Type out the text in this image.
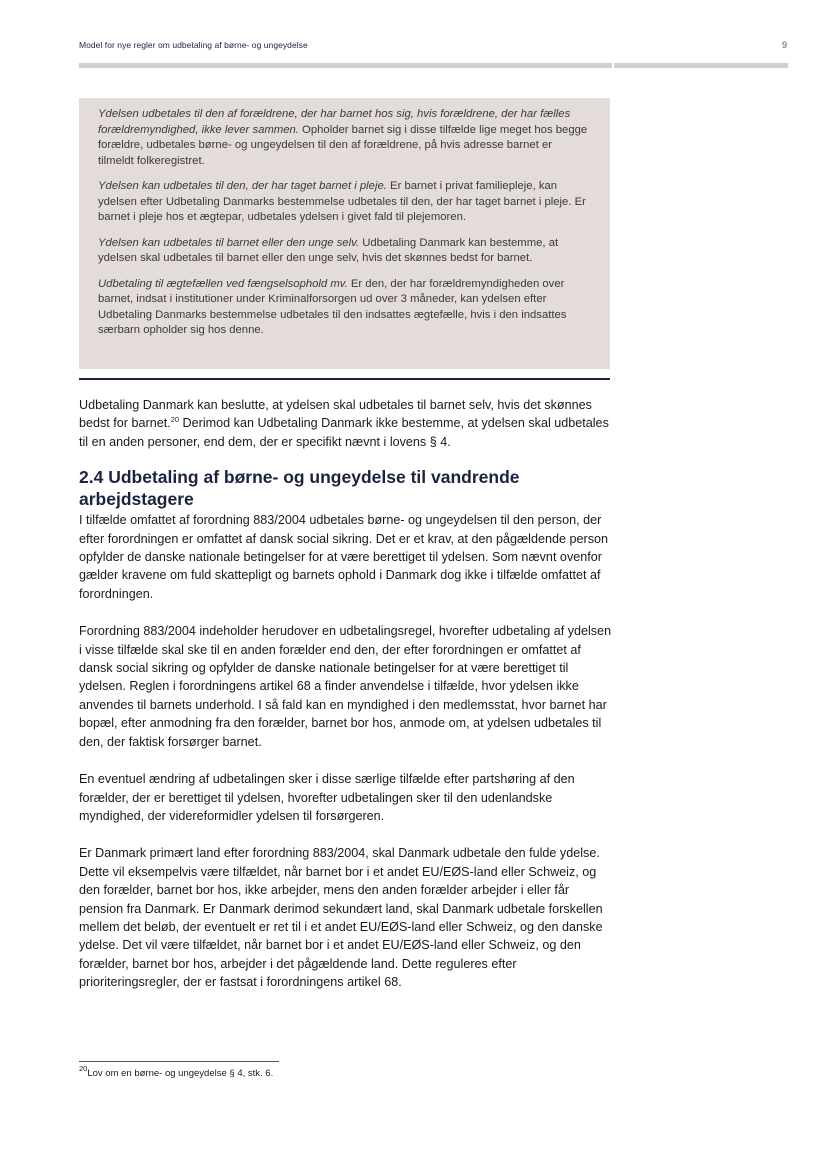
Model for nye regler om udbetaling af børne- og ungeydelse	9

Ydelsen udbetales til den af forældrene, der har barnet hos sig, hvis forældrene, der har fælles forældremyndighed, ikke lever sammen. Opholder barnet sig i disse tilfælde lige meget hos begge forældre, udbetales børne- og ungeydelsen til den af forældrene, på hvis adresse barnet er tilmeldt folkeregistret.

Ydelsen kan udbetales til den, der har taget barnet i pleje. Er barnet i privat familiepleje, kan ydelsen efter Udbetaling Danmarks bestemmelse udbetales til den, der har taget barnet i pleje. Er barnet i pleje hos et ægtepar, udbetales ydelsen i givet fald til plejemoren.

Ydelsen kan udbetales til barnet eller den unge selv. Udbetaling Danmark kan bestemme, at ydelsen skal udbetales til barnet eller den unge selv, hvis det skønnes bedst for barnet.

Udbetaling til ægtefællen ved fængselsophold mv. Er den, der har forældremyndigheden over barnet, indsat i institutioner under Kriminalforsorgen ud over 3 måneder, kan ydelsen efter Udbetaling Danmarks bestemmelse udbetales til den indsattes ægtefælle, hvis i den indsattes særbarn opholder sig hos denne.

Udbetaling Danmark kan beslutte, at ydelsen skal udbetales til barnet selv, hvis det skønnes bedst for barnet.$^{20}$ Derimod kan Udbetaling Danmark ikke bestemme, at ydelsen skal udbetales til en anden personer, end dem, der er specifikt nævnt i lovens § 4.

2.4 Udbetaling af børne- og ungeydelse til vandrende arbejdstagere

I tilfælde omfattet af forordning 883/2004 udbetales børne- og ungeydelsen til den person, der efter forordningen er omfattet af dansk social sikring. Det er et krav, at den pågældende person opfylder de danske nationale betingelser for at være berettiget til ydelsen. Som nævnt ovenfor gælder kravene om fuld skattepligt og barnets ophold i Danmark dog ikke i tilfælde omfattet af forordningen.

Forordning 883/2004 indeholder herudover en udbetalingsregel, hvorefter udbetaling af ydelsen i visse tilfælde skal ske til en anden forælder end den, der efter forordningen er omfattet af dansk social sikring og opfylder de danske nationale betingelser for at være berettiget til ydelsen. Reglen i forordningens artikel 68 a finder anvendelse i tilfælde, hvor ydelsen ikke anvendes til barnets underhold. I så fald kan en myndighed i den medlemsstat, hvor barnet har bopæl, efter anmodning fra den forælder, barnet bor hos, anmode om, at ydelsen udbetales til den, der faktisk forsørger barnet.

En eventuel ændring af udbetalingen sker i disse særlige tilfælde efter partshøring af den forælder, der er berettiget til ydelsen, hvorefter udbetalingen sker til den udenlandske myndighed, der videreformidler ydelsen til forsørgeren.

Er Danmark primært land efter forordning 883/2004, skal Danmark udbetale den fulde ydelse. Dette vil eksempelvis være tilfældet, når barnet bor i et andet EU/EØS-land eller Schweiz, og den forælder, barnet bor hos, ikke arbejder, mens den anden forælder arbejder i eller får pension fra Danmark. Er Danmark derimod sekundært land, skal Danmark udbetale forskellen mellem det beløb, der eventuelt er ret til i et andet EU/EØS-land eller Schweiz, og den danske ydelse. Det vil være tilfældet, når barnet bor i et andet EU/EØS-land eller Schweiz, og den forælder, barnet bor hos, arbejder i det pågældende land. Dette reguleres efter prioriteringsregler, der er fastsat i forordningens artikel 68.

$^{20}$Lov om en børne- og ungeydelse § 4, stk. 6.
